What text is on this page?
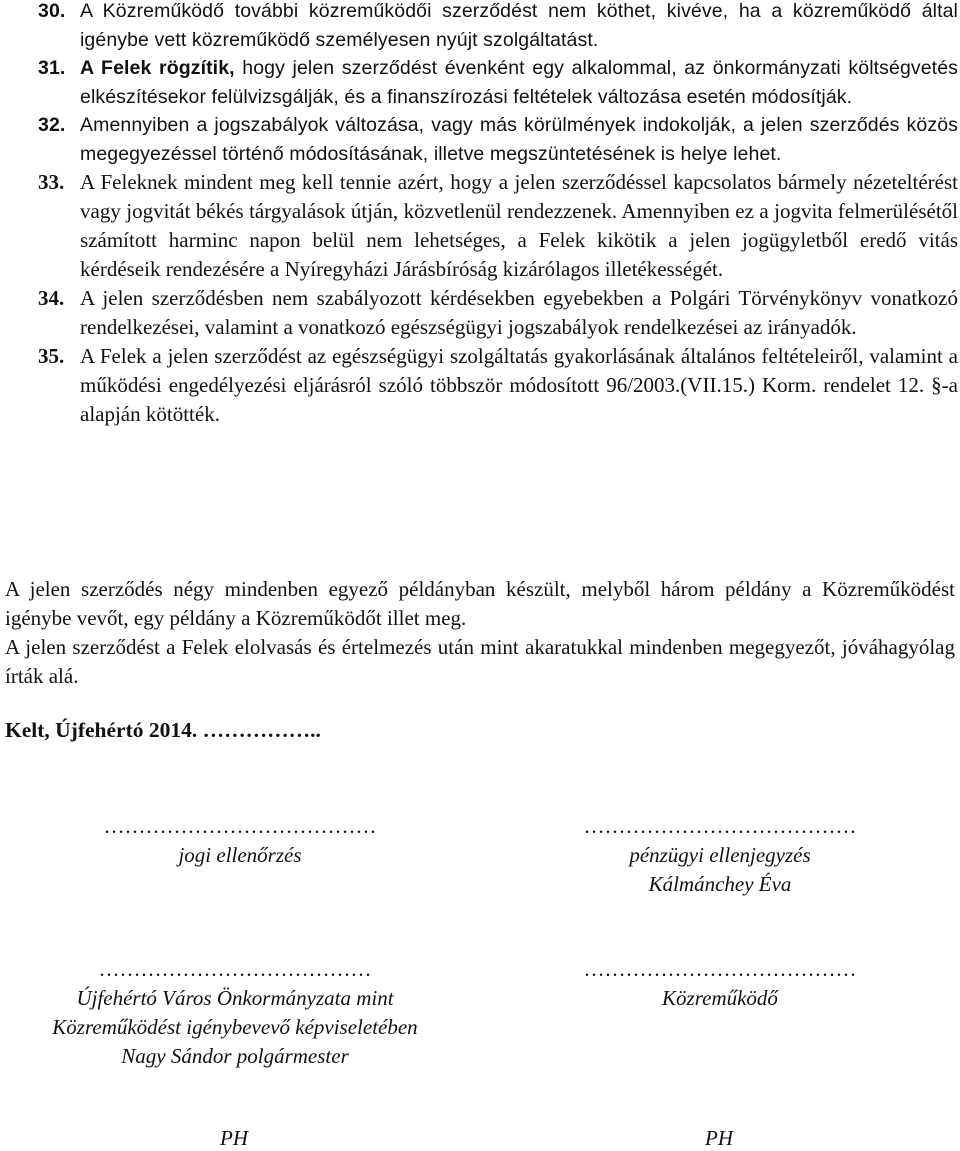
30. A Közreműködő további közreműködői szerződést nem köthet, kivéve, ha a közreműködő által igénybe vett közreműködő személyesen nyújt szolgáltatást.
31. A Felek rögzítik, hogy jelen szerződést évenként egy alkalommal, az önkormányzati költségvetés elkészítésekor felülvizsgálják, és a finanszírozási feltételek változása esetén módosítják.
32. Amennyiben a jogszabályok változása, vagy más körülmények indokolják, a jelen szerződés közös megegyezéssel történő módosításának, illetve megszüntetésének is helye lehet.
33. A Feleknek mindent meg kell tennie azért, hogy a jelen szerződéssel kapcsolatos bármely nézeteltérést vagy jogvitát békés tárgyalások útján, közvetlenül rendezzenek. Amennyiben ez a jogvita felmerülésétől számított harminc napon belül nem lehetséges, a Felek kikötik a jelen jogügyletből eredő vitás kérdéseik rendezésére a Nyíregyházi Járásbíróság kizárólagos illetékességét.
34. A jelen szerződésben nem szabályozott kérdésekben egyebekben a Polgári Törvénykönyv vonatkozó rendelkezései, valamint a vonatkozó egészségügyi jogszabályok rendelkezései az irányadók.
35. A Felek a jelen szerződést az egészségügyi szolgáltatás gyakorlásának általános feltételeiről, valamint a működési engedélyezési eljárásról szóló többször módosított 96/2003.(VII.15.) Korm. rendelet 12. §-a alapján kötötték.

A jelen szerződés négy mindenben egyező példányban készült, melyből három példány a Közreműködést igénybe vevőt, egy példány a Közreműködőt illet meg.

A jelen szerződést a Felek elolvasás és értelmezés után mint akaratukkal mindenben megegyezőt, jóváhagyólag írták alá.

Kelt, Újfehértó 2014. ……………..
…………………………………
jogi ellenőrzés
…………………………………
pénzügyi ellenjegyzés
Kálmánchey Éva
…………………………………
Újfehértó Város Önkormányzata mint
Közreműködést igénybevevő képviseletében
Nagy Sándor polgármester
…………………………………
Közreműködő
PH	PH
